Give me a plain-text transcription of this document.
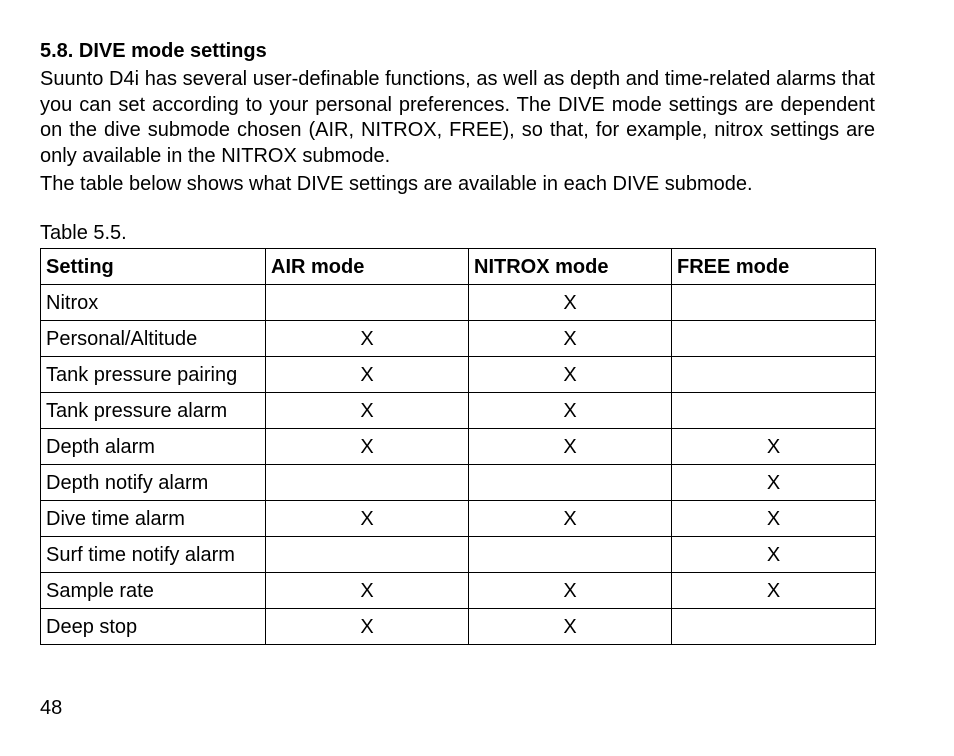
5.8. DIVE mode settings

Suunto D4i has several user-definable functions, as well as depth and time-related alarms that you can set according to your personal preferences. The DIVE mode settings are dependent on the dive submode chosen (AIR, NITROX, FREE), so that, for example, nitrox settings are only available in the NITROX submode.

The table below shows what DIVE settings are available in each DIVE submode.

Table 5.5.
Setting	AIR mode	NITROX mode	FREE mode
Nitrox		X	
Personal/Altitude	X	X	
Tank pressure pairing	X	X	
Tank pressure alarm	X	X	
Depth alarm	X	X	X
Depth notify alarm			X
Dive time alarm	X	X	X
Surf time notify alarm			X
Sample rate	X	X	X
Deep stop	X	X	
48
